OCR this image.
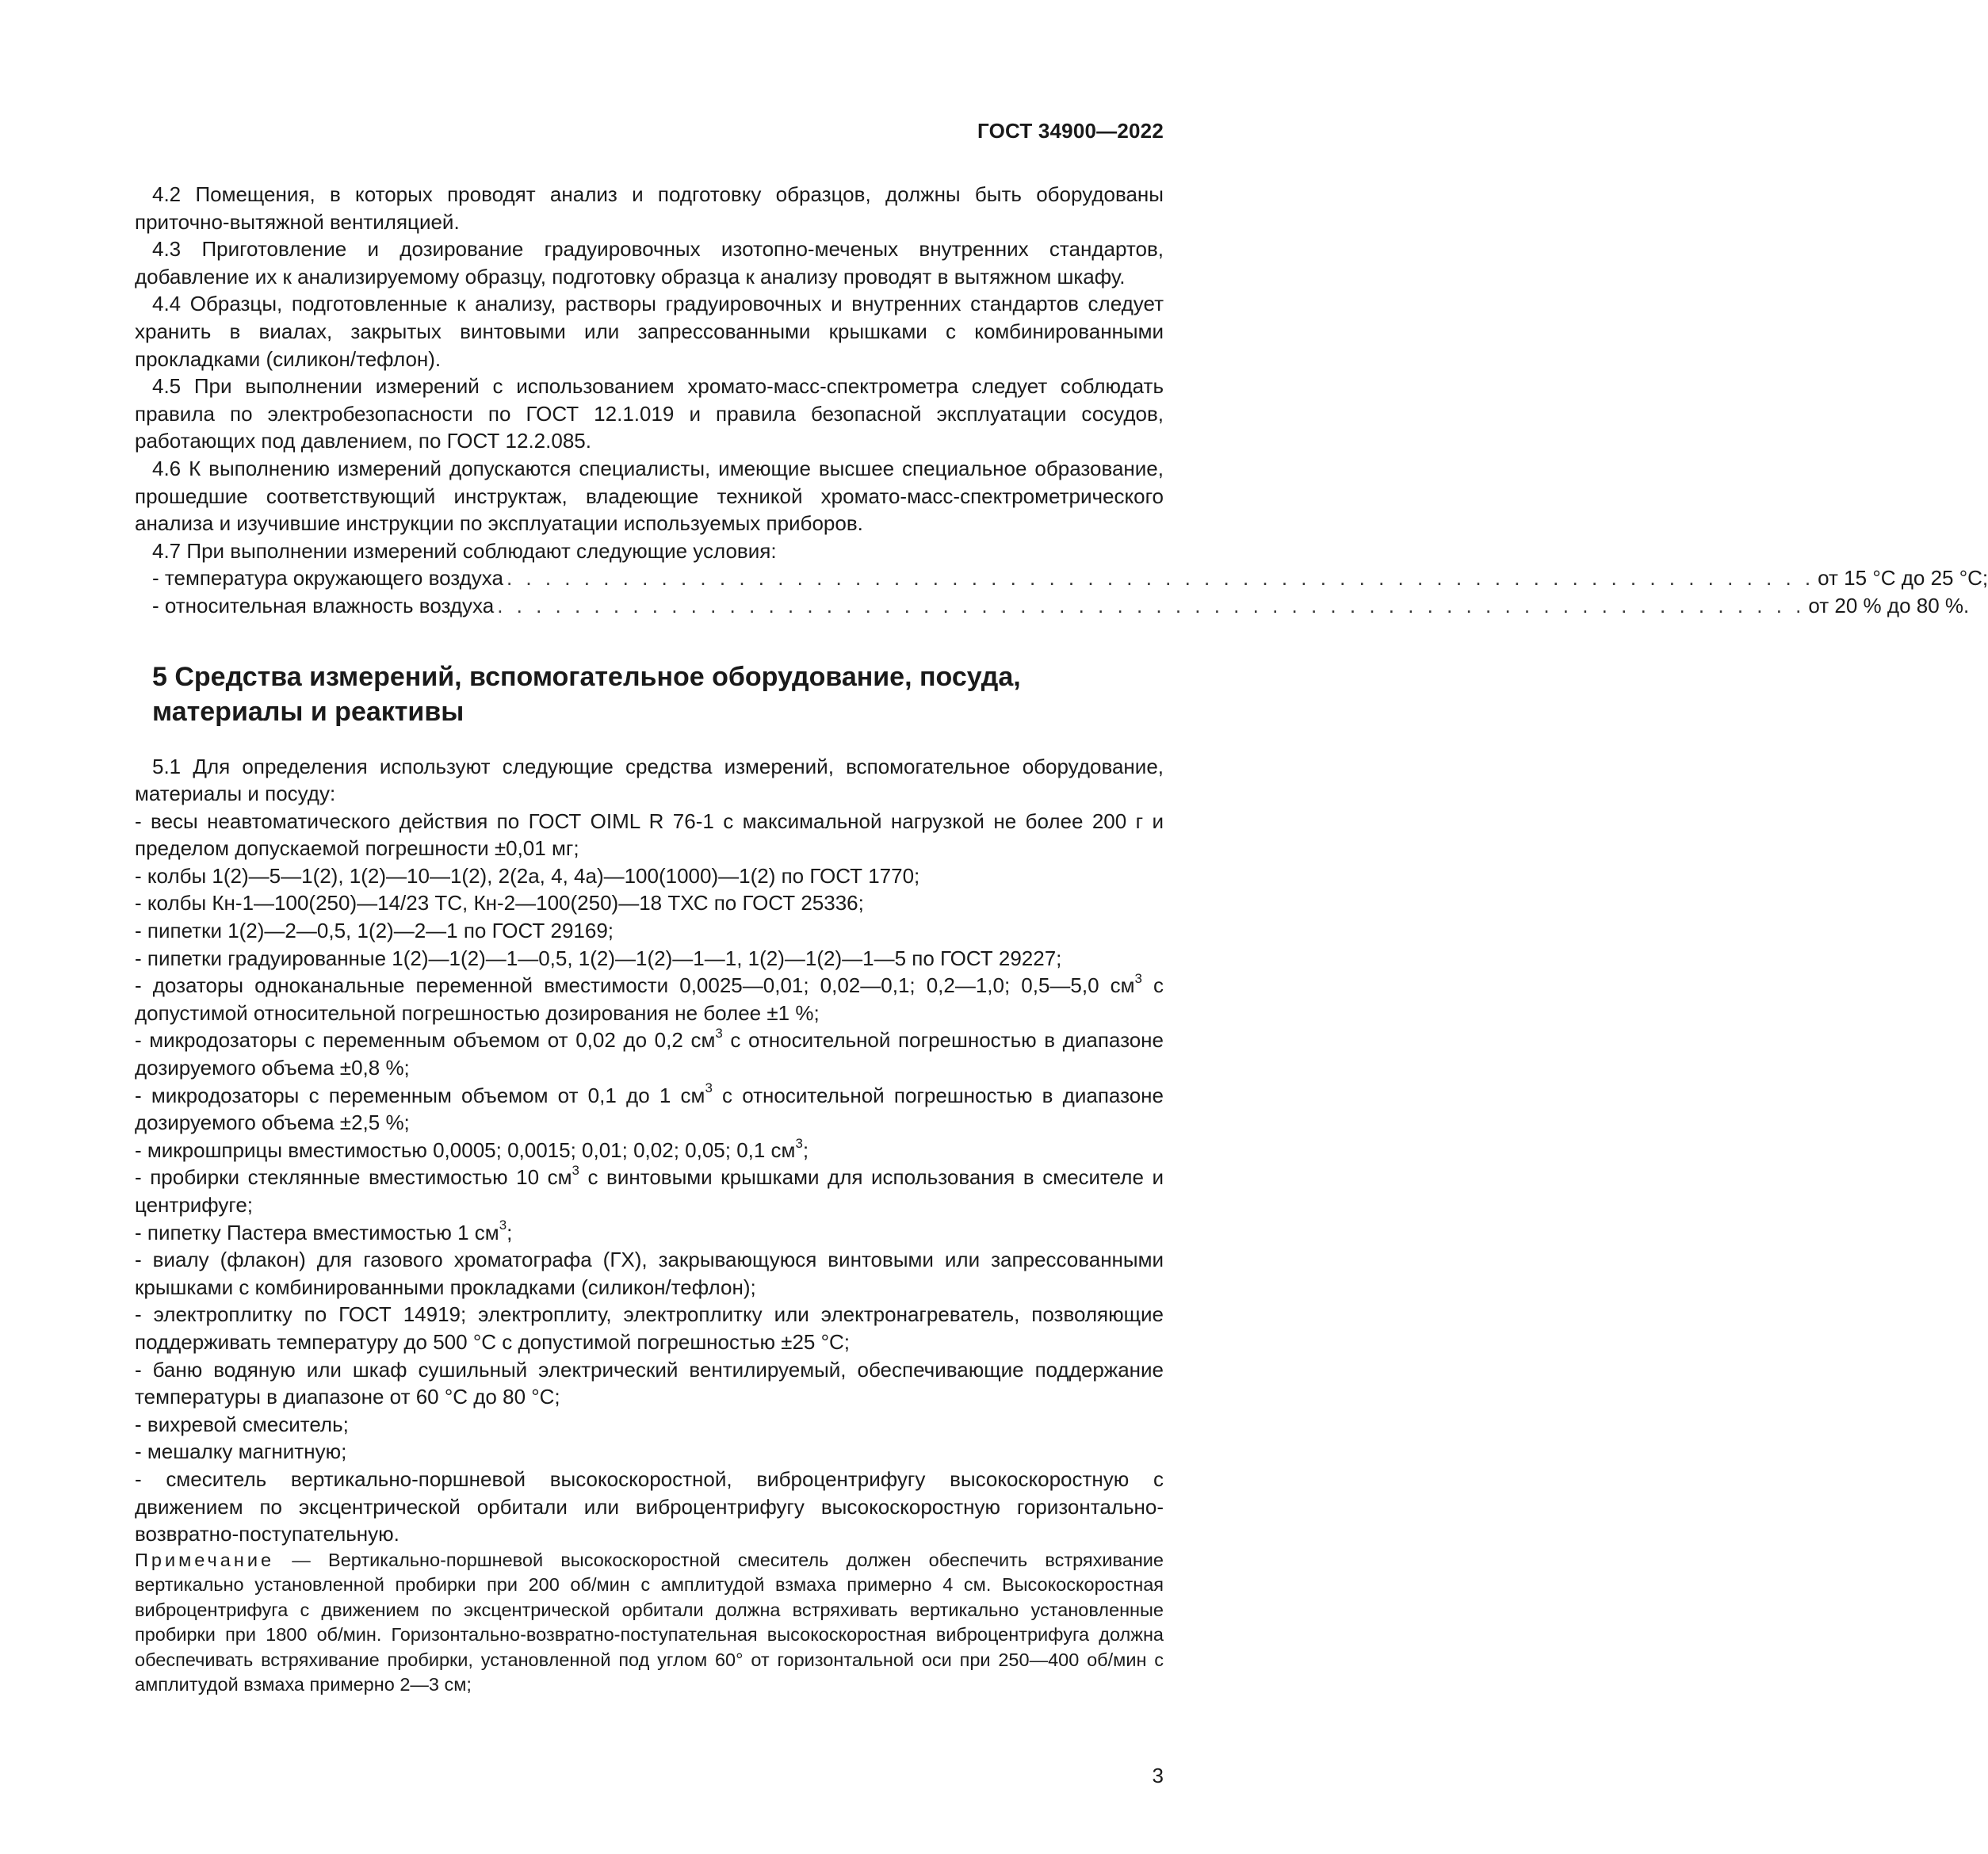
ГОСТ 34900—2022

4.2 Помещения, в которых проводят анализ и подготовку образцов, должны быть оборудованы приточно-вытяжной вентиляцией.

4.3 Приготовление и дозирование градуировочных изотопно-меченых внутренних стандартов, добавление их к анализируемому образцу, подготовку образца к анализу проводят в вытяжном шкафу.

4.4 Образцы, подготовленные к анализу, растворы градуировочных и внутренних стандартов следует хранить в виалах, закрытых винтовыми или запрессованными крышками с комбинированными прокладками (силикон/тефлон).

4.5 При выполнении измерений с использованием хромато-масс-спектрометра следует соблюдать правила по электробезопасности по ГОСТ 12.1.019 и правила безопасной эксплуатации сосудов, работающих под давлением, по ГОСТ 12.2.085.

4.6 К выполнению измерений допускаются специалисты, имеющие высшее специальное образование, прошедшие соответствующий инструктаж, владеющие техникой хромато-масс-спектрометрического анализа и изучившие инструкции по эксплуатации используемых приборов.

4.7 При выполнении измерений соблюдают следующие условия:

- температура окружающего воздуха . . . . . . . . . . . . . . . . . . . . . . . . . . . . . . . . . . . . . . . . . . . . . . . . . . . . . . . . . . . . . . . . . . . . от 15 °C до 25 °C;
- относительная влажность воздуха . . . . . . . . . . . . . . . . . . . . . . . . . . . . . . . . . . . . . . . . . . . . . . . . . . . . . . . . . . . . . . . . . . . . от 20 % до 80 %.
5 Средства измерений, вспомогательное оборудование, посуда, материалы и реактивы

5.1 Для определения используют следующие средства измерений, вспомогательное оборудование, материалы и посуду:

- весы неавтоматического действия по ГОСТ OIML R 76-1 с максимальной нагрузкой не более 200 г и пределом допускаемой погрешности ±0,01 мг;

- колбы 1(2)—5—1(2), 1(2)—10—1(2), 2(2а, 4, 4а)—100(1000)—1(2) по ГОСТ 1770;

- колбы Кн-1—100(250)—14/23 ТС, Кн-2—100(250)—18 ТХС по ГОСТ 25336;

- пипетки 1(2)—2—0,5, 1(2)—2—1 по ГОСТ 29169;

- пипетки градуированные 1(2)—1(2)—1—0,5, 1(2)—1(2)—1—1, 1(2)—1(2)—1—5 по ГОСТ 29227;

- дозаторы одноканальные переменной вместимости 0,0025—0,01; 0,02—0,1; 0,2—1,0; 0,5—5,0 $см^3$ с допустимой относительной погрешностью дозирования не более ±1 %;

- микродозаторы с переменным объемом от 0,02 до 0,2 $см^3$ с относительной погрешностью в диапазоне дозируемого объема ±0,8 %;

- микродозаторы с переменным объемом от 0,1 до 1 $см^3$ с относительной погрешностью в диапазоне дозируемого объема ±2,5 %;

- микрошприцы вместимостью 0,0005; 0,0015; 0,01; 0,02; 0,05; 0,1 $см^3$;

- пробирки стеклянные вместимостью 10 $см^3$ с винтовыми крышками для использования в смесителе и центрифуге;

- пипетку Пастера вместимостью 1 $см^3$;

- виалу (флакон) для газового хроматографа (ГХ), закрывающуюся винтовыми или запрессованными крышками с комбинированными прокладками (силикон/тефлон);

- электроплитку по ГОСТ 14919; электроплиту, электроплитку или электронагреватель, позволяющие поддерживать температуру до 500 °C с допустимой погрешностью ±25 °C;

- баню водяную или шкаф сушильный электрический вентилируемый, обеспечивающие поддержание температуры в диапазоне от 60 °C до 80 °C;

- вихревой смеситель;

- мешалку магнитную;

- смеситель вертикально-поршневой высокоскоростной, виброцентрифугу высокоскоростную с движением по эксцентрической орбитали или виброцентрифугу высокоскоростную горизонтально-возвратно-поступательную.

Примечание — Вертикально-поршневой высокоскоростной смеситель должен обеспечить встряхивание вертикально установленной пробирки при 200 об/мин с амплитудой взмаха примерно 4 см. Высокоскоростная виброцентрифуга с движением по эксцентрической орбитали должна встряхивать вертикально установленные пробирки при 1800 об/мин. Горизонтально-возвратно-поступательная высокоскоростная виброцентрифуга должна обеспечивать встряхивание пробирки, установленной под углом 60° от горизонтальной оси при 250—400 об/мин с амплитудой взмаха примерно 2—3 см;

3
